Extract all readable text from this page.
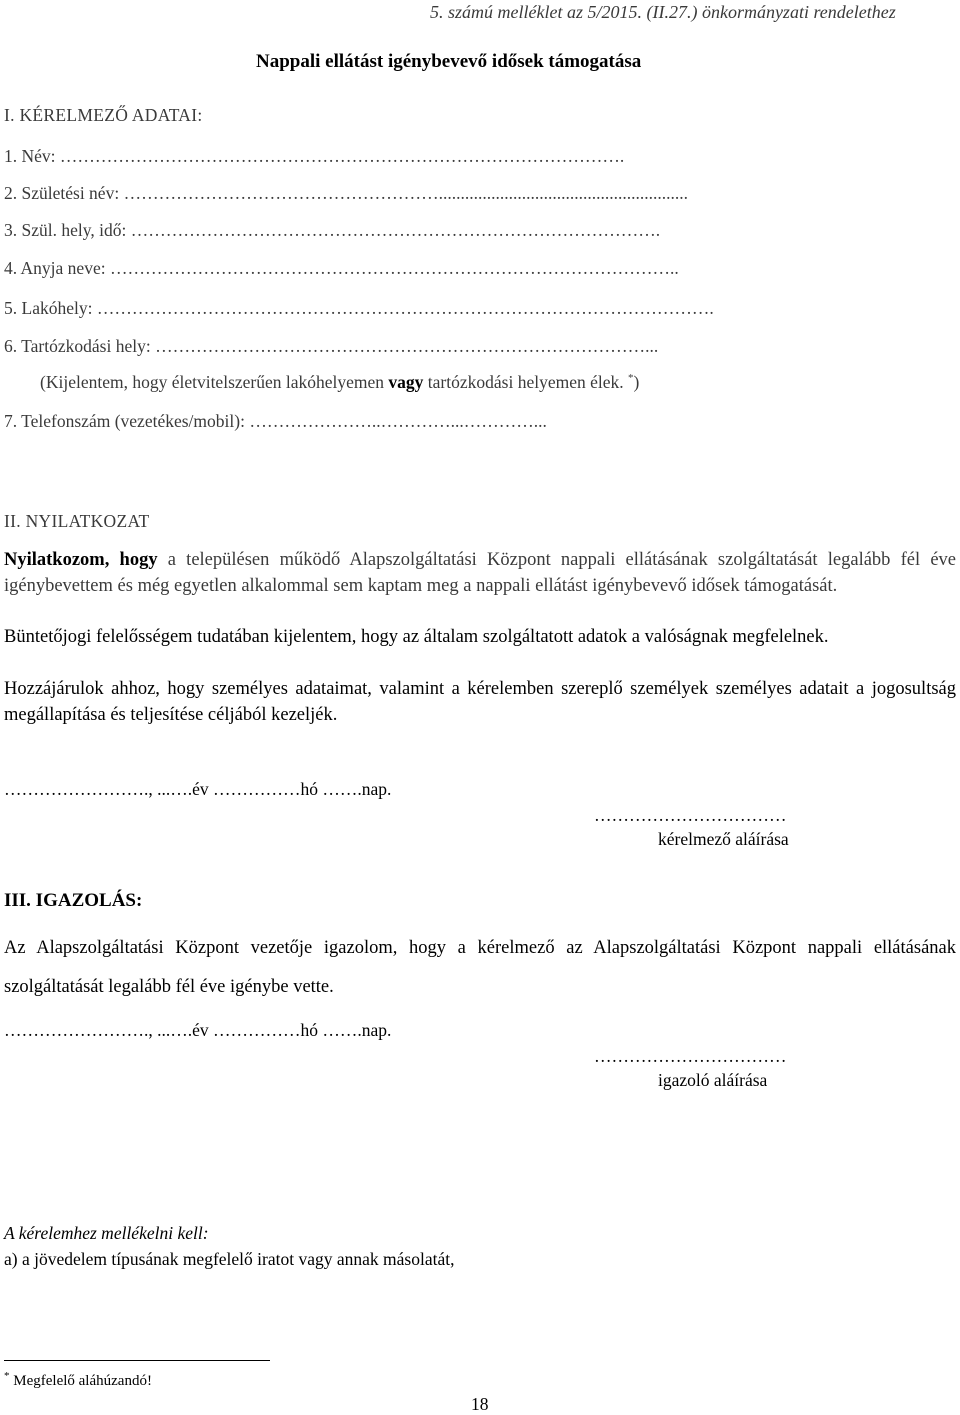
5. számú melléklet az 5/2015. (II.27.) önkormányzati rendelethez
Nappali ellátást igénybevevő idősek támogatása
I. KÉRELMEZŐ ADATAI:
1. Név: …………………………………………………………………………………….
2. Születési név: ……………………………………………….........................................................
3. Szül. hely, idő: ……………………………………………………………………………….
4. Anyja neve: ……………………………………………………………………………………..
5. Lakóhely: …………………………………………………………………………………………….
6. Tartózkodási hely: …………………………………………………………………………...
(Kijelentem, hogy életvitelszerűen lakóhelyemen vagy tartózkodási helyemen élek. *)
7. Telefonszám (vezetékes/mobil): …………………..…………...…………...
II. NYILATKOZAT
Nyilatkozom, hogy a településen működő Alapszolgáltatási Központ nappali ellátásának szolgáltatását legalább fél éve igénybevettem és még egyetlen alkalommal sem kaptam meg a nappali ellátást igénybevevő idősek támogatását.
Büntetőjogi felelősségem tudatában kijelentem, hogy az általam szolgáltatott adatok a valóságnak megfelelnek.
Hozzájárulok ahhoz, hogy személyes adataimat, valamint a kérelemben szereplő személyek személyes adatait a jogosultság megállapítása és teljesítése céljából kezeljék.
……………………., ...….év ……………hó …….nap.
……………………………
kérelmező aláírása
III. IGAZOLÁS:
Az Alapszolgáltatási Központ vezetője igazolom, hogy a kérelmező az Alapszolgáltatási Központ nappali ellátásának szolgáltatását legalább fél éve igénybe vette.
……………………., ...….év ……………hó …….nap.
……………………………
igazoló aláírása
A kérelemhez mellékelni kell:
a) a jövedelem típusának megfelelő iratot vagy annak másolatát,
* Megfelelő aláhúzandó!
18
